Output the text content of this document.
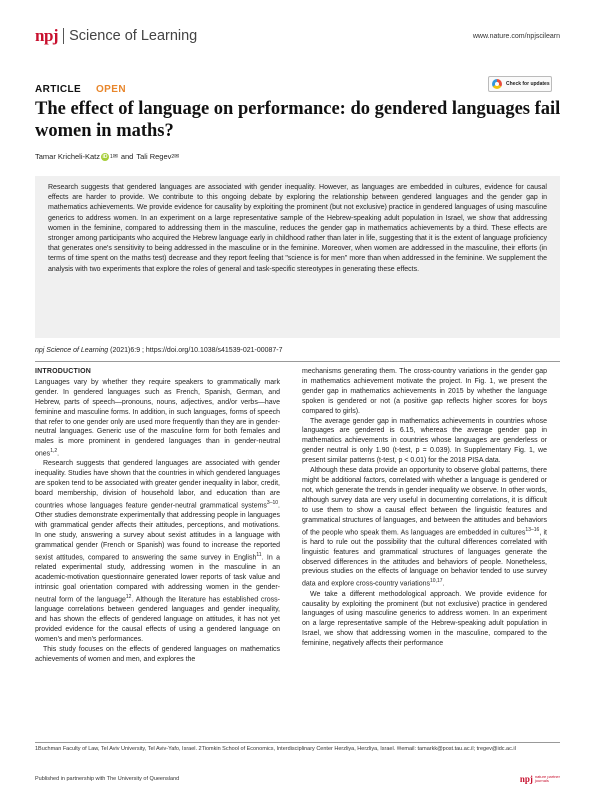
npj Science of Learning	www.nature.com/npjscilearn
ARTICLE OPEN	Check for updates
The effect of language on performance: do gendered languages fail women in maths?
Tamar Kricheli-Katz iD 1 ✉ and Tali Regev 2 ✉

Research suggests that gendered languages are associated with gender inequality. However, as languages are embedded in cultures, evidence for causal effects are harder to provide. We contribute to this ongoing debate by exploring the relationship between gendered languages and the gender gap in mathematics achievements. We provide evidence for causality by exploiting the prominent (but not exclusive) practice in gendered languages of using masculine generics to address women. In an experiment on a large representative sample of the Hebrew-speaking adult population in Israel, we show that addressing women in the feminine, compared to addressing them in the masculine, reduces the gender gap in mathematics achievements by a third. These effects are stronger among participants who acquired the Hebrew language early in childhood rather than later in life, suggesting that it is the extent of language proficiency that generates one's sensitivity to being addressed in the masculine or in the feminine. Moreover, when women are addressed in the masculine, their efforts (in terms of time spent on the maths test) decrease and they report feeling that "science is for men" more than when addressed in the feminine. We supplement the analysis with two experiments that explore the roles of general and task-specific stereotypes in generating these effects.

npj Science of Learning (2021)6:9 ; https://doi.org/10.1038/s41539-021-00087-7
INTRODUCTION

Languages vary by whether they require speakers to grammatically mark gender. In gendered languages such as French, Spanish, German, and Hebrew, parts of speech—pronouns, nouns, adjectives, and/or verbs—have feminine and masculine forms. In addition, in such languages, forms of speech that refer to one gender only are used more frequently than they are in gender-neutral languages. Generic use of the masculine form for both females and males is more prominent in gendered languages than in gender-neutral ones$^{1,2}$.

Research suggests that gendered languages are associated with gender inequality. Studies have shown that the countries in which gendered languages are spoken tend to be associated with greater gender inequality in labor, credit, board membership, division of household labor, and education than are countries whose languages feature gender-neutral grammatical systems$^{3-10}$. Other studies demonstrate experimentally that addressing people in languages with grammatical gender affects their attitudes, perceptions, and motivations. In one study, answering a survey about sexist attitudes in a language with grammatical gender (French or Spanish) was found to increase the reported sexist attitudes, compared to answering the same survey in English$^{11}$. In a related experimental study, addressing women in the masculine in an academic-motivation questionnaire generated lower reports of task value and intrinsic goal orientation compared with addressing women in the gender-neutral form of the language$^{12}$. Although the literature has established cross-language correlations between gendered languages and gender inequality, and has shown the effects of gendered language on attitudes, it has not yet provided evidence for the causal effects of using a gendered language on women's and men's performances.

This study focuses on the effects of gendered languages on mathematics achievements of women and men, and explores the

mechanisms generating them. The cross-country variations in the gender gap in mathematics achievement motivate the project. In Fig. 1, we present the gender gap in mathematics achievements in 2015 by whether the language spoken is gendered or not (a positive gap reflects higher scores for boys compared to girls).

The average gender gap in mathematics achievements in countries whose languages are gendered is 6.15, whereas the average gender gap in mathematics achievements in countries whose languages are genderless or gender neutral is only 1.90 (t-test, p = 0.039). In Supplementary Fig. 1, we present similar patterns (t-test, p < 0.01) for the 2018 PISA data.

Although these data provide an opportunity to observe global patterns, there might be additional factors, correlated with whether a language is gendered or not, which generate the trends in gender inequality we observe. In other words, although survey data are very useful in documenting correlations, it is difficult to use them to show a causal effect between the linguistic features and grammatical structures of languages, and between the attitudes and behaviors of the people who speak them. As languages are embedded in cultures$^{13-16}$, it is hard to rule out the possibility that the cultural differences correlated with linguistic features and grammatical structures of languages generate the observed differences in the attitudes and behaviors of people. Nonetheless, previous studies on the effects of language on behavior tended to use survey data and explore cross-country variations$^{10,17}$.

We take a different methodological approach. We provide evidence for causality by exploiting the prominent (but not exclusive) practice in gendered languages of using masculine generics to address women. In an experiment on a large representative sample of the Hebrew-speaking adult population in Israel, we show that addressing women in the masculine, compared to the feminine, negatively affects their performance

1Buchman Faculty of Law, Tel Aviv University, Tel Aviv-Yafo, Israel. 2Tiomkin School of Economics, Interdisciplinary Center Herzliya, Herzliya, Israel. ✉email: tamarkk@post.tau.ac.il; tregev@idc.ac.il
Published in partnership with The University of Queensland	npj nature partner
journals
